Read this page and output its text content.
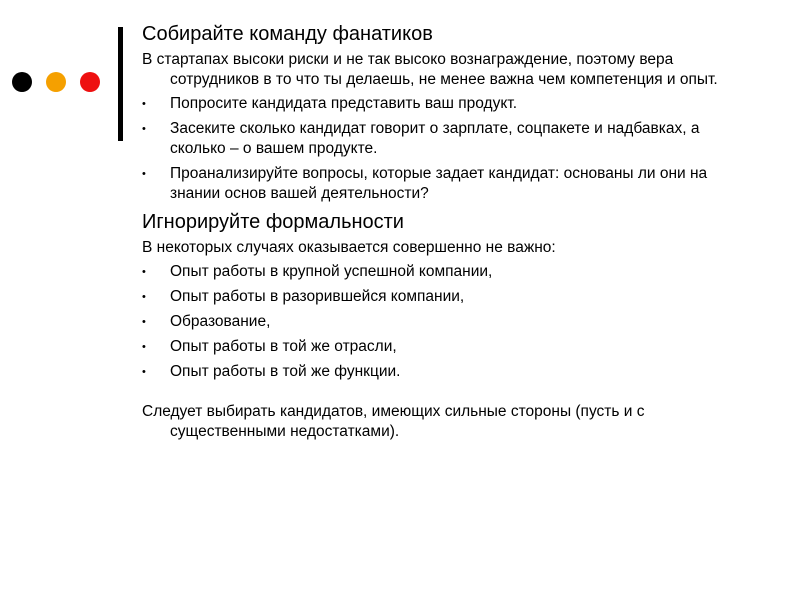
Собирайте команду фанатиков
В стартапах высоки риски и не так высоко вознаграждение, поэтому вера сотрудников в то что ты делаешь, не менее важна чем компетенция и опыт.
• Попросите кандидата представить ваш продукт.
• Засеките сколько кандидат говорит о зарплате, соцпакете и надбавках, а сколько – о вашем продукте.
• Проанализируйте вопросы, которые задает кандидат: основаны ли они на знании основ вашей деятельности?
Игнорируйте формальности
В некоторых случаях оказывается совершенно не важно:
• Опыт работы в крупной успешной компании,
• Опыт работы в разорившейся компании,
• Образование,
• Опыт работы в той же отрасли,
• Опыт работы в той же функции.
Следует выбирать кандидатов, имеющих сильные стороны (пусть и с существенными недостатками).
